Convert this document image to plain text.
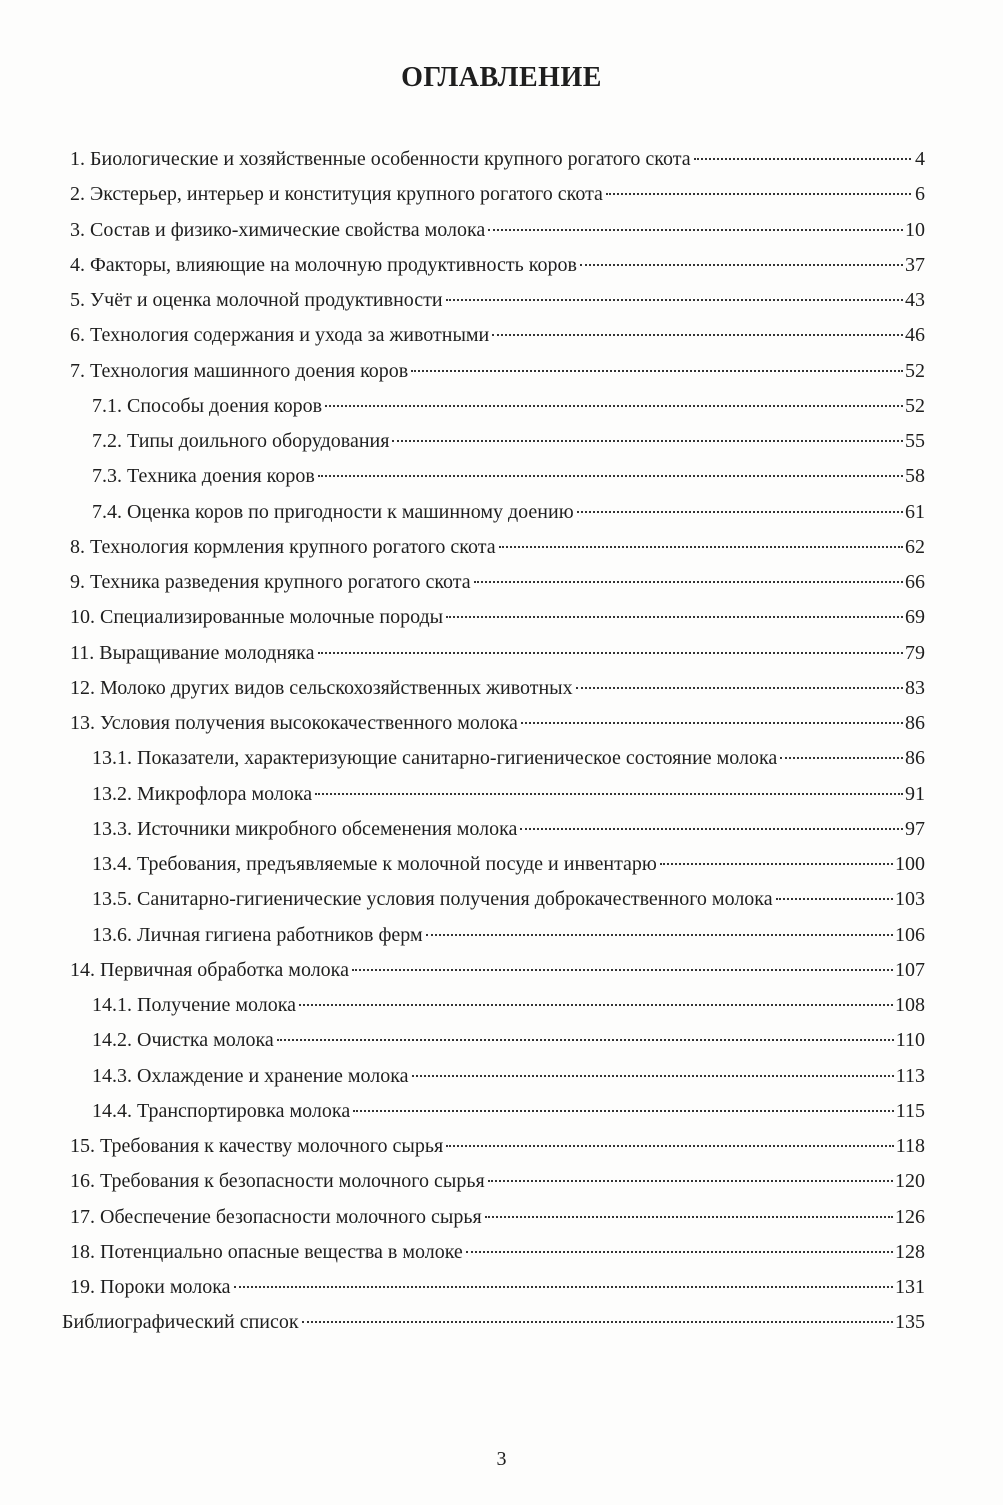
ОГЛАВЛЕНИЕ
1. Биологические и хозяйственные особенности крупного рогатого скота	4
2. Экстерьер, интерьер и конституция крупного рогатого скота	6
3. Состав и физико-химические свойства молока	10
4. Факторы, влияющие на молочную продуктивность коров	37
5. Учёт и оценка молочной продуктивности	43
6. Технология содержания и ухода за животными	46
7. Технология машинного доения коров	52
7.1. Способы доения коров	52
7.2. Типы доильного оборудования	55
7.3. Техника доения коров	58
7.4. Оценка коров по пригодности к машинному доению	61
8. Технология кормления крупного рогатого скота	62
9. Техника разведения крупного рогатого скота	66
10. Специализированные молочные породы	69
11. Выращивание молодняка	79
12. Молоко других видов сельскохозяйственных животных	83
13. Условия получения высококачественного молока	86
13.1. Показатели, характеризующие санитарно-гигиеническое состояние молока	86
13.2. Микрофлора молока	91
13.3. Источники микробного обсеменения молока	97
13.4. Требования, предъявляемые к молочной посуде и инвентарю	100
13.5. Санитарно-гигиенические условия получения доброкачественного молока	103
13.6. Личная гигиена работников ферм	106
14. Первичная обработка молока	107
14.1. Получение молока	108
14.2. Очистка молока	110
14.3. Охлаждение и хранение молока	113
14.4. Транспортировка молока	115
15. Требования к качеству молочного сырья	118
16. Требования к безопасности молочного сырья	120
17. Обеспечение безопасности молочного сырья	126
18. Потенциально опасные вещества в молоке	128
19. Пороки молока	131
Библиографический список	135
3
